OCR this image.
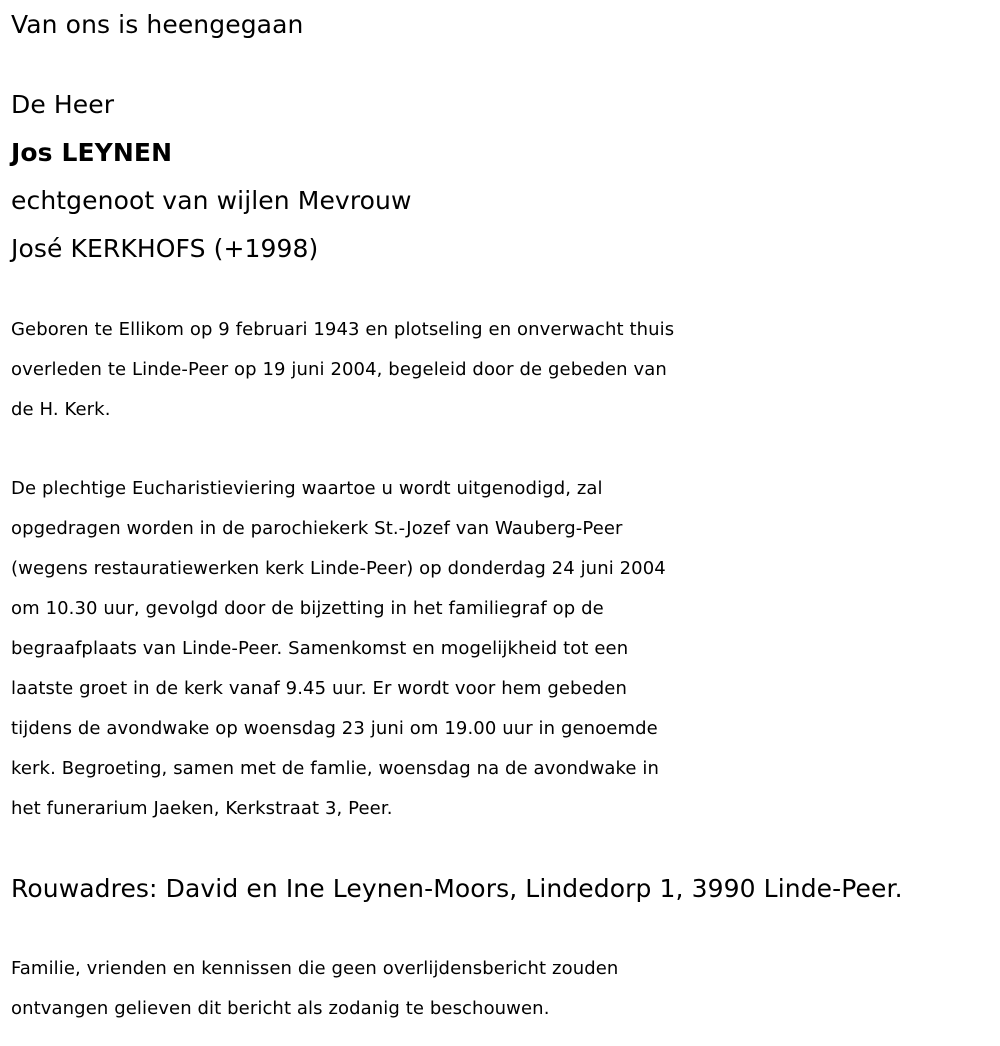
Van ons is heengegaan
De Heer
Jos LEYNEN
echtgenoot van wijlen Mevrouw
José KERKHOFS (+1998)
Geboren te Ellikom op 9 februari 1943 en plotseling en onverwacht thuis
overleden te Linde-Peer op 19 juni 2004, begeleid door de gebeden van
de H. Kerk.
De plechtige Eucharistieviering waartoe u wordt uitgenodigd, zal
opgedragen worden in de parochiekerk St.-Jozef van Wauberg-Peer
(wegens restauratiewerken kerk Linde-Peer) op donderdag 24 juni 2004
om 10.30 uur, gevolgd door de bijzetting in het familiegraf op de
begraafplaats van Linde-Peer. Samenkomst en mogelijkheid tot een
laatste groet in de kerk vanaf 9.45 uur. Er wordt voor hem gebeden
tijdens de avondwake op woensdag 23 juni om 19.00 uur in genoemde
kerk. Begroeting, samen met de famlie, woensdag na de avondwake in
het funerarium Jaeken, Kerkstraat 3, Peer.
Rouwadres: David en Ine Leynen-Moors, Lindedorp 1, 3990 Linde-Peer.
Familie, vrienden en kennissen die geen overlijdensbericht zouden
ontvangen gelieven dit bericht als zodanig te beschouwen.
